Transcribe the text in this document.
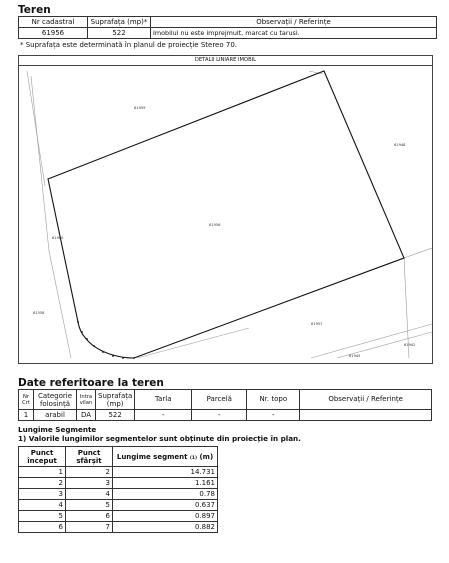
Teren
Nr cadastral	Suprafața (mp)*	Observații / Referințe
61956	522	Imobilul nu este imprejmuit, marcat cu tarusi.
* Suprafața este determinată în planul de proiecție Stereo 70.
DETALII LINIARE IMOBIL
61956
61959
61948
61960
61558
61957
61945
61942
Date referitoare la teren
Nr Crt	Categorie folosință	Intra vilan	Suprafața (mp)	Tarla	Parcelă	Nr. topo	Observații / Referințe
1	arabil	DA	522	-	-	-	
Lungime Segmente
1) Valorile lungimilor segmentelor sunt obținute din proiecție în plan.
Punct început	Punct sfârșit	Lungime segment ₍₁₎ (m)
1	2	14.731
2	3	1.161
3	4	0.78
4	5	0.637
5	6	0.897
6	7	0.882
